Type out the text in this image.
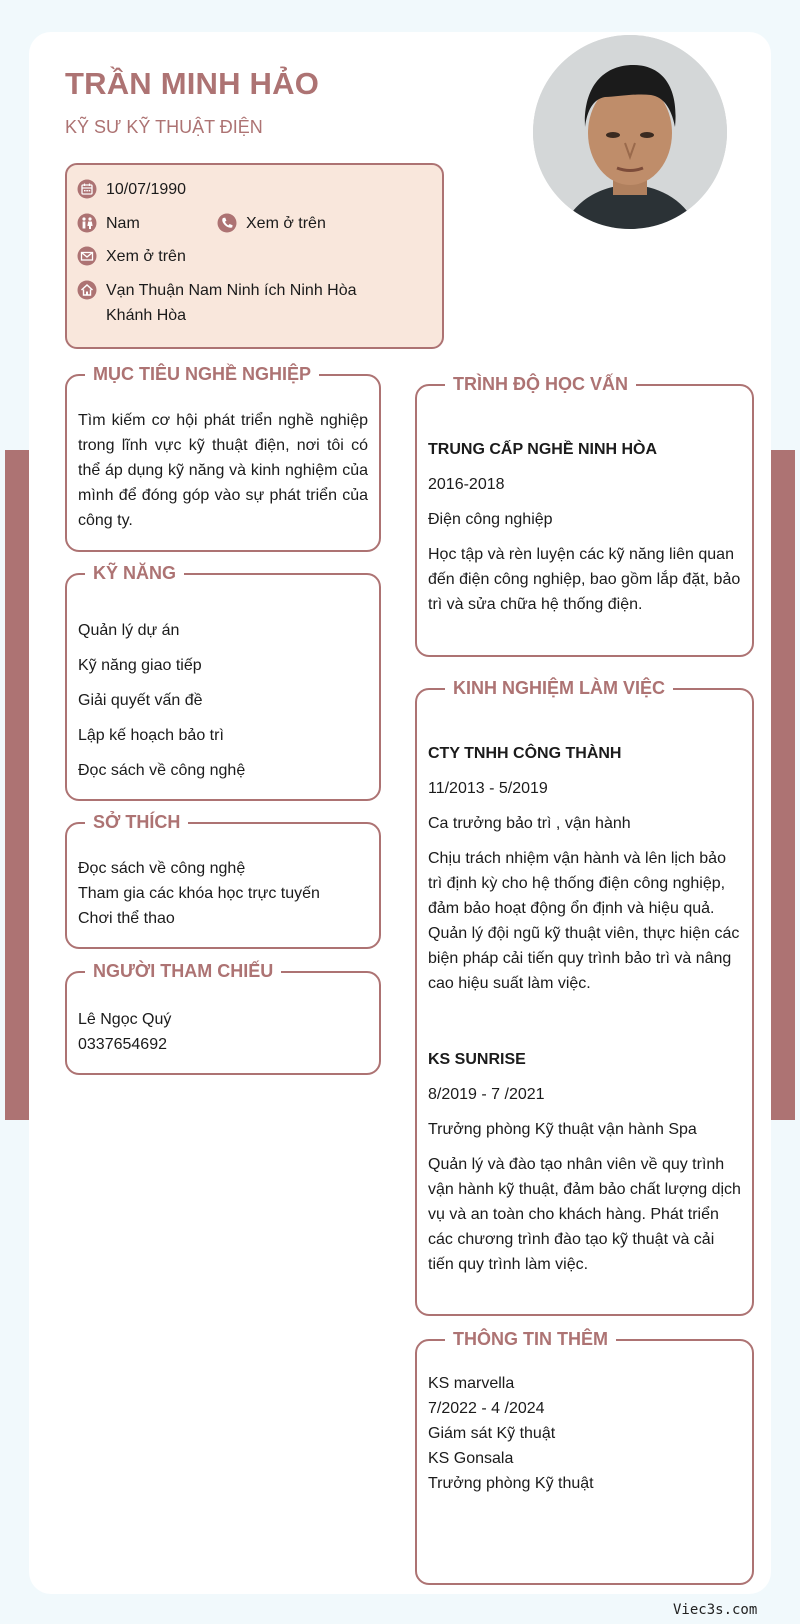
TRẦN MINH HẢO
KỸ SƯ KỸ THUẬT ĐIỆN
10/07/1990
Nam	Xem ở trên
Xem ở trên
Vạn Thuận Nam Ninh ích Ninh Hòa
Khánh Hòa
MỤC TIÊU NGHỀ NGHIỆP
Tìm kiếm cơ hội phát triển nghề nghiệp trong lĩnh vực kỹ thuật điện, nơi tôi có thể áp dụng kỹ năng và kinh nghiệm của mình để đóng góp vào sự phát triển của công ty.
KỸ NĂNG
Quản lý dự án
Kỹ năng giao tiếp
Giải quyết vấn đề
Lập kế hoạch bảo trì
Đọc sách về công nghệ
SỞ THÍCH
Đọc sách về công nghệ
Tham gia các khóa học trực tuyến
Chơi thể thao
NGƯỜI THAM CHIẾU
Lê Ngọc Quý
0337654692
TRÌNH ĐỘ HỌC VẤN
TRUNG CẤP NGHỀ NINH HÒA
2016-2018
Điện công nghiệp
Học tập và rèn luyện các kỹ năng liên quan đến điện công nghiệp, bao gồm lắp đặt, bảo trì và sửa chữa hệ thống điện.
KINH NGHIỆM LÀM VIỆC
CTY TNHH CÔNG THÀNH
11/2013 - 5/2019
Ca trưởng bảo trì , vận hành
Chịu trách nhiệm vận hành và lên lịch bảo trì định kỳ cho hệ thống điện công nghiệp, đảm bảo hoạt động ổn định và hiệu quả. Quản lý đội ngũ kỹ thuật viên, thực hiện các biện pháp cải tiến quy trình bảo trì và nâng cao hiệu suất làm việc.
KS SUNRISE
8/2019 - 7 /2021
Trưởng phòng Kỹ thuật vận hành Spa
Quản lý và đào tạo nhân viên về quy trình vận hành kỹ thuật, đảm bảo chất lượng dịch vụ và an toàn cho khách hàng. Phát triển các chương trình đào tạo kỹ thuật và cải tiến quy trình làm việc.
THÔNG TIN THÊM
KS marvella
7/2022 - 4 /2024
Giám sát Kỹ thuật
KS Gonsala
Trưởng phòng Kỹ thuật
Viec3s.com
